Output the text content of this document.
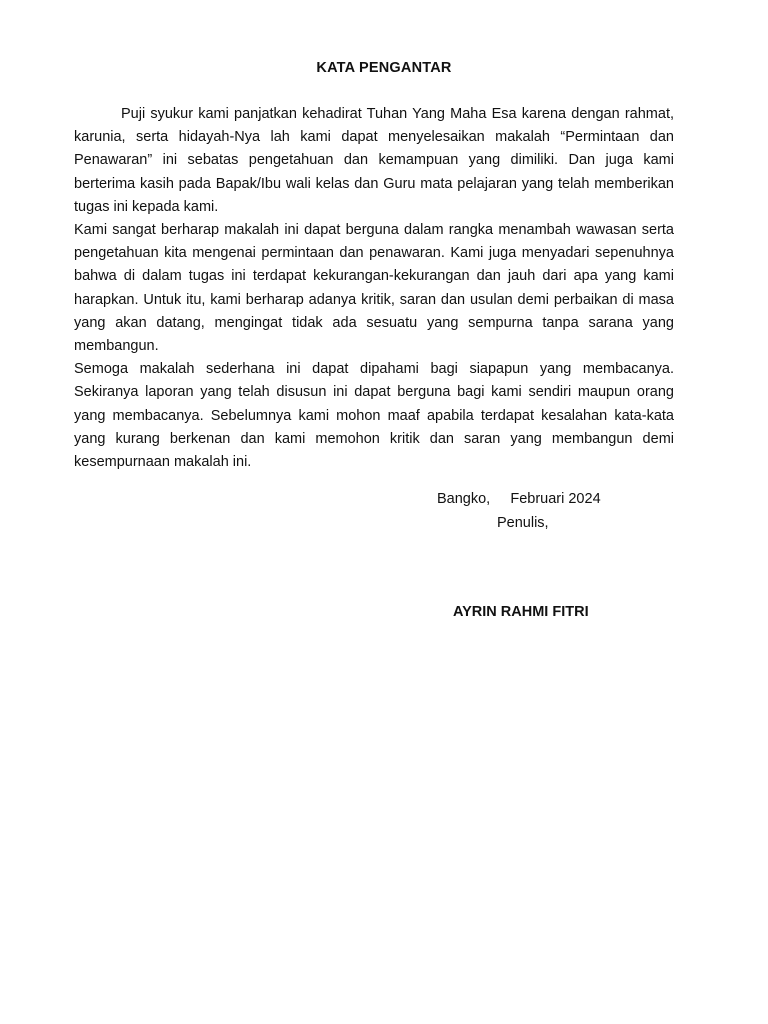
KATA PENGANTAR

Puji syukur kami panjatkan kehadirat Tuhan Yang Maha Esa karena dengan rahmat, karunia, serta hidayah-Nya lah kami dapat menyelesaikan makalah “Permintaan dan Penawaran” ini sebatas pengetahuan dan kemampuan yang dimiliki. Dan juga kami berterima kasih pada Bapak/Ibu wali kelas dan Guru mata pelajaran yang telah memberikan tugas ini kepada kami.

Kami sangat berharap makalah ini dapat berguna dalam rangka menambah wawasan serta pengetahuan kita mengenai permintaan dan penawaran. Kami juga menyadari sepenuhnya bahwa di dalam tugas ini terdapat kekurangan-kekurangan dan jauh dari apa yang kami harapkan. Untuk itu, kami berharap adanya kritik, saran dan usulan demi perbaikan di masa yang akan datang, mengingat tidak ada sesuatu yang sempurna tanpa sarana yang membangun.

Semoga makalah sederhana ini dapat dipahami bagi siapapun yang membacanya. Sekiranya laporan yang telah disusun ini dapat berguna bagi kami sendiri maupun orang yang membacanya. Sebelumnya kami mohon maaf apabila terdapat kesalahan kata-kata yang kurang berkenan dan kami memohon kritik dan saran yang membangun demi kesempurnaan makalah ini.

Bangko,     Februari 2024
Penulis,
AYRIN RAHMI FITRI
